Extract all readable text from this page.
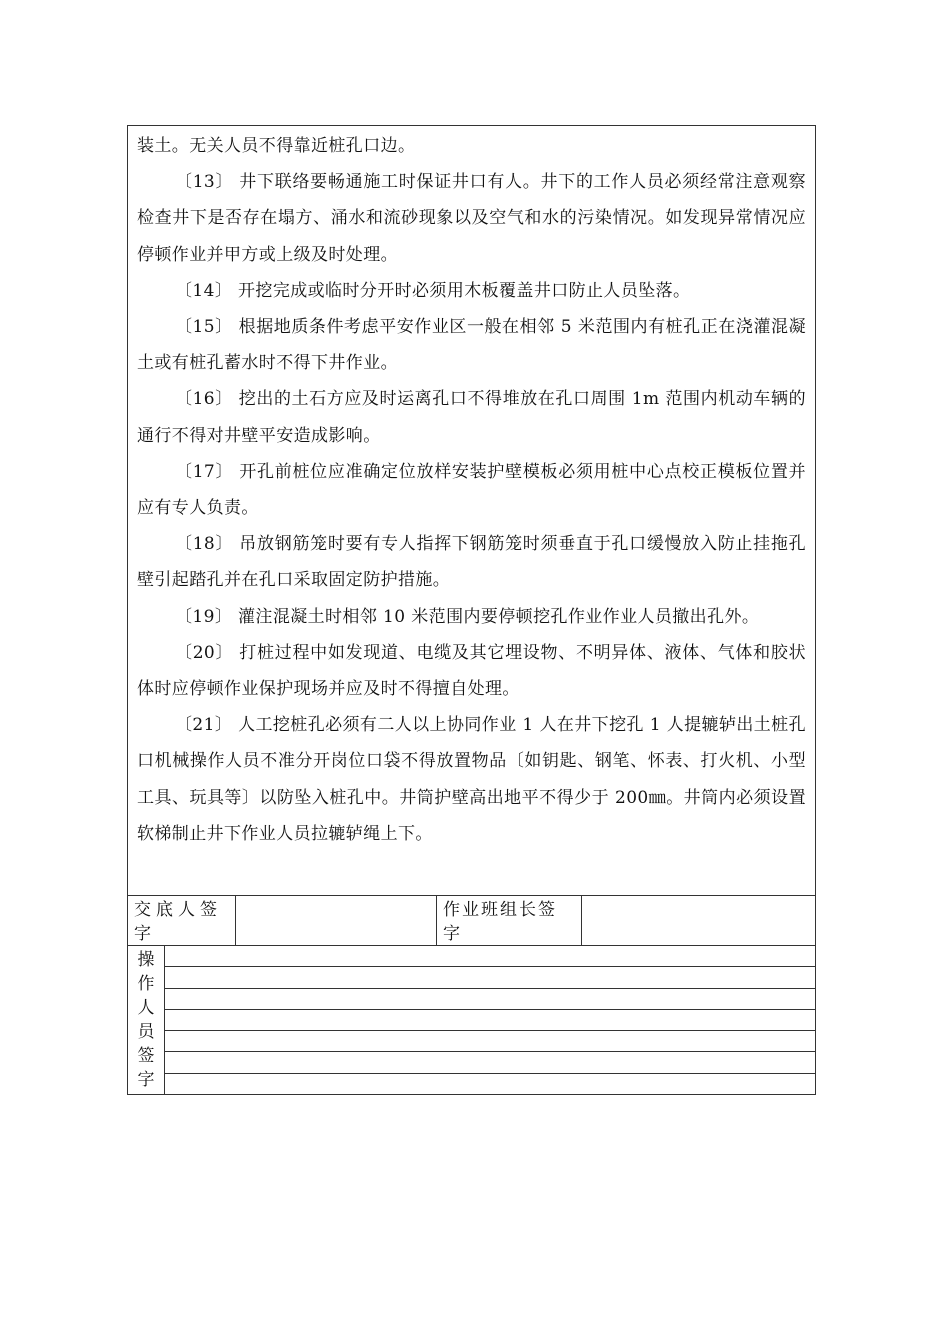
装土。无关人员不得靠近桩孔口边。

〔13〕 井下联络要畅通施工时保证井口有人。井下的工作人员必须经常注意观察检查井下是否存在塌方、涌水和流砂现象以及空气和水的污染情况。如发现异常情况应停顿作业并甲方或上级及时处理。

〔14〕 开挖完成或临时分开时必须用木板覆盖井口防止人员坠落。

〔15〕 根据地质条件考虑平安作业区一般在相邻 5 米范围内有桩孔正在浇灌混凝土或有桩孔蓄水时不得下井作业。

〔16〕 挖出的土石方应及时运离孔口不得堆放在孔口周围 1m 范围内机动车辆的通行不得对井壁平安造成影响。

〔17〕 开孔前桩位应准确定位放样安装护壁模板必须用桩中心点校正模板位置并应有专人负责。

〔18〕 吊放钢筋笼时要有专人指挥下钢筋笼时须垂直于孔口缓慢放入防止挂拖孔壁引起踏孔并在孔口采取固定防护措施。

〔19〕 灌注混凝土时相邻 10 米范围内要停顿挖孔作业作业人员撤出孔外。

〔20〕 打桩过程中如发现道、电缆及其它埋设物、不明异体、液体、气体和胶状体时应停顿作业保护现场并应及时不得擅自处理。

〔21〕 人工挖桩孔必须有二人以上协同作业 1 人在井下挖孔 1 人提辘轳出土桩孔口机械操作人员不准分开岗位口袋不得放置物品〔如钥匙、钢笔、怀表、打火机、小型工具、玩具等〕以防坠入桩孔中。井筒护壁高出地平不得少于 200㎜。井筒内必须设置软梯制止井下作业人员拉辘轳绳上下。

交底人签字
作业班组长签字
操
作
人
员
签
字
